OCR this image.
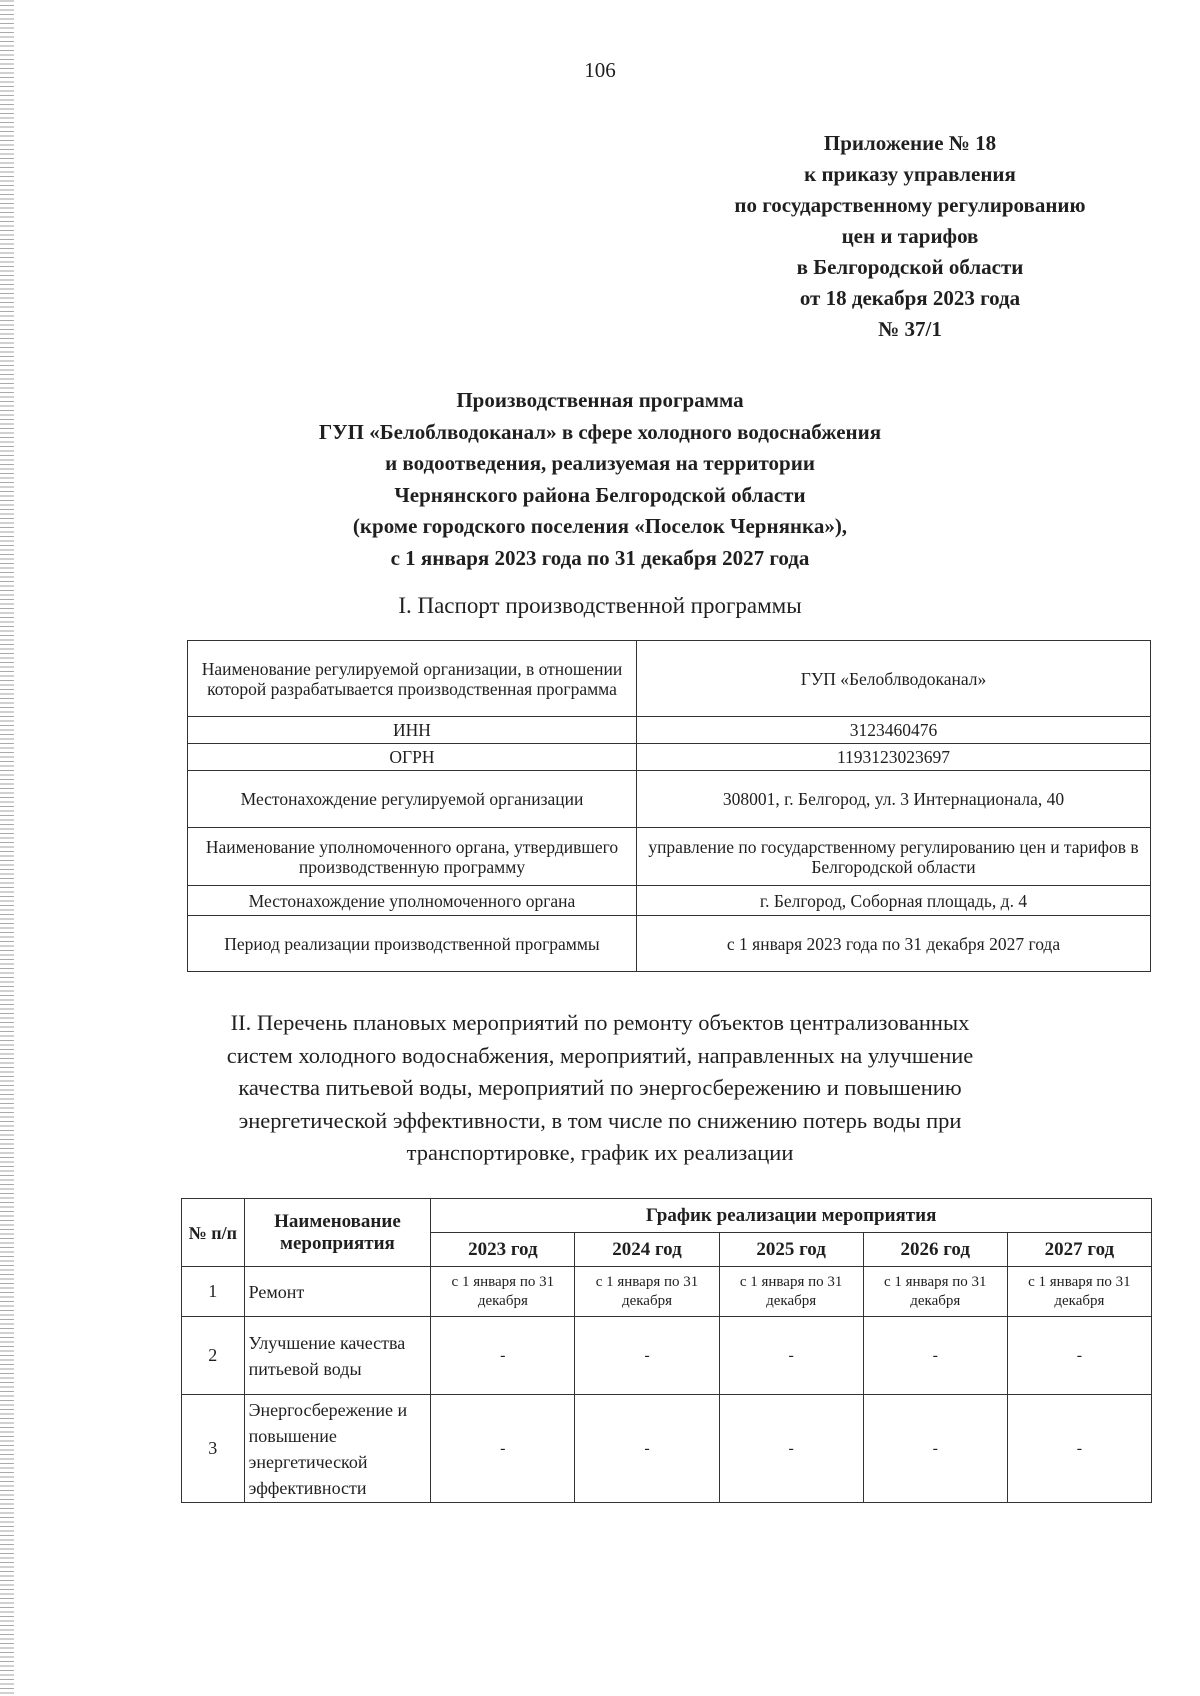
106
Приложение № 18
к приказу управления
по государственному регулированию
цен и тарифов
в Белгородской области
от 18 декабря 2023 года
№ 37/1
Производственная программа
ГУП «Белоблводоканал» в сфере холодного водоснабжения
и водоотведения, реализуемая на территории
Чернянского района Белгородской области
(кроме городского поселения «Поселок Чернянка»),
с 1 января 2023 года по 31 декабря 2027 года
I. Паспорт производственной программы
Наименование регулируемой организации, в отношении которой разрабатывается производственная программа	ГУП «Белоблводоканал»
ИНН	3123460476
ОГРН	1193123023697
Местонахождение регулируемой организации	308001, г. Белгород, ул. 3 Интернационала, 40
Наименование уполномоченного органа, утвердившего производственную программу	управление по государственному регулированию цен и тарифов в Белгородской области
Местонахождение уполномоченного органа	г. Белгород, Соборная площадь, д. 4
Период реализации производственной программы	с 1 января 2023 года по 31 декабря 2027 года
II. Перечень плановых мероприятий по ремонту объектов централизованных
систем холодного водоснабжения, мероприятий, направленных на улучшение
качества питьевой воды, мероприятий по энергосбережению и повышению
энергетической эффективности, в том числе по снижению потерь воды при
транспортировке, график их реализации
№ п/п	Наименование мероприятия	График реализации мероприятия				
		2023 год	2024 год	2025 год	2026 год	2027 год
1	Ремонт	с 1 января по 31 декабря	с 1 января по 31 декабря	с 1 января по 31 декабря	с 1 января по 31 декабря	с 1 января по 31 декабря
2	Улучшение качества питьевой воды	-	-	-	-	-
3	Энергосбережение и повышение энергетической эффективности	-	-	-	-	-
